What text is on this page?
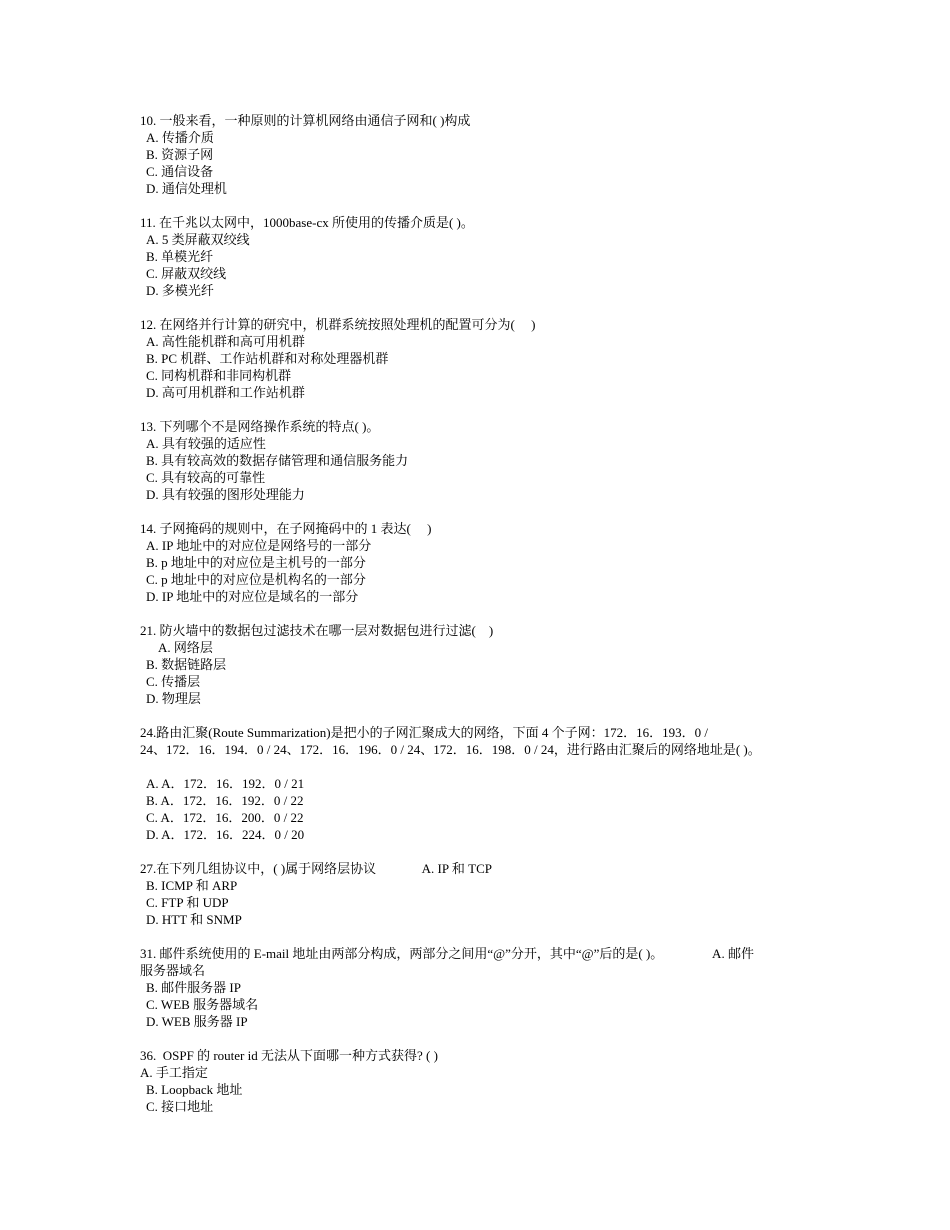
10. 一般来看，一种原则的计算机网络由通信子网和( )构成
A. 传播介质
B. 资源子网
C. 通信设备
D. 通信处理机
11. 在千兆以太网中，1000base-cx 所使用的传播介质是( )。
A. 5 类屏蔽双绞线
B. 单模光纤
C. 屏蔽双绞线
D. 多模光纤
12. 在网络并行计算的研究中，机群系统按照处理机的配置可分为(     )
A. 高性能机群和高可用机群
B. PC 机群、工作站机群和对称处理器机群
C. 同构机群和非同构机群
D. 高可用机群和工作站机群
13. 下列哪个不是网络操作系统的特点( )。
A. 具有较强的适应性
B. 具有较高效的数据存储管理和通信服务能力
C. 具有较高的可靠性
D. 具有较强的图形处理能力
14. 子网掩码的规则中，在子网掩码中的 1 表达(     )
A. IP 地址中的对应位是网络号的一部分
B. p 地址中的对应位是主机号的一部分
C. p 地址中的对应位是机构名的一部分
D. IP 地址中的对应位是域名的一部分
21. 防火墙中的数据包过滤技术在哪一层对数据包进行过滤(    )
A. 网络层
B. 数据链路层
C. 传播层
D. 物理层
24.路由汇聚(Route Summarization)是把小的子网汇聚成大的网络，下面 4 个子网：172．16．193．0 /
24、172．16．194．0 / 24、172．16．196．0 / 24、172．16．198．0 / 24，进行路由汇聚后的网络地址是( )。
A. A．172．16．192．0 / 21
B. A．172．16．192．0 / 22
C. A．172．16．200．0 / 22
D. A．172．16．224．0 / 20
27.在下列几组协议中，( )属于网络层协议              A. IP 和 TCP
B. ICMP 和 ARP
C. FTP 和 UDP
D. HTT 和 SNMP
31. 邮件系统使用的 E-mail 地址由两部分构成，两部分之间用“@”分开，其中“@”后的是( )。               A. 邮件
服务器域名
B. 邮件服务器 IP
C. WEB 服务器域名
D. WEB 服务器 IP
36.  OSPF 的 router id 无法从下面哪一种方式获得? ( )
A. 手工指定
B. Loopback 地址
C. 接口地址
